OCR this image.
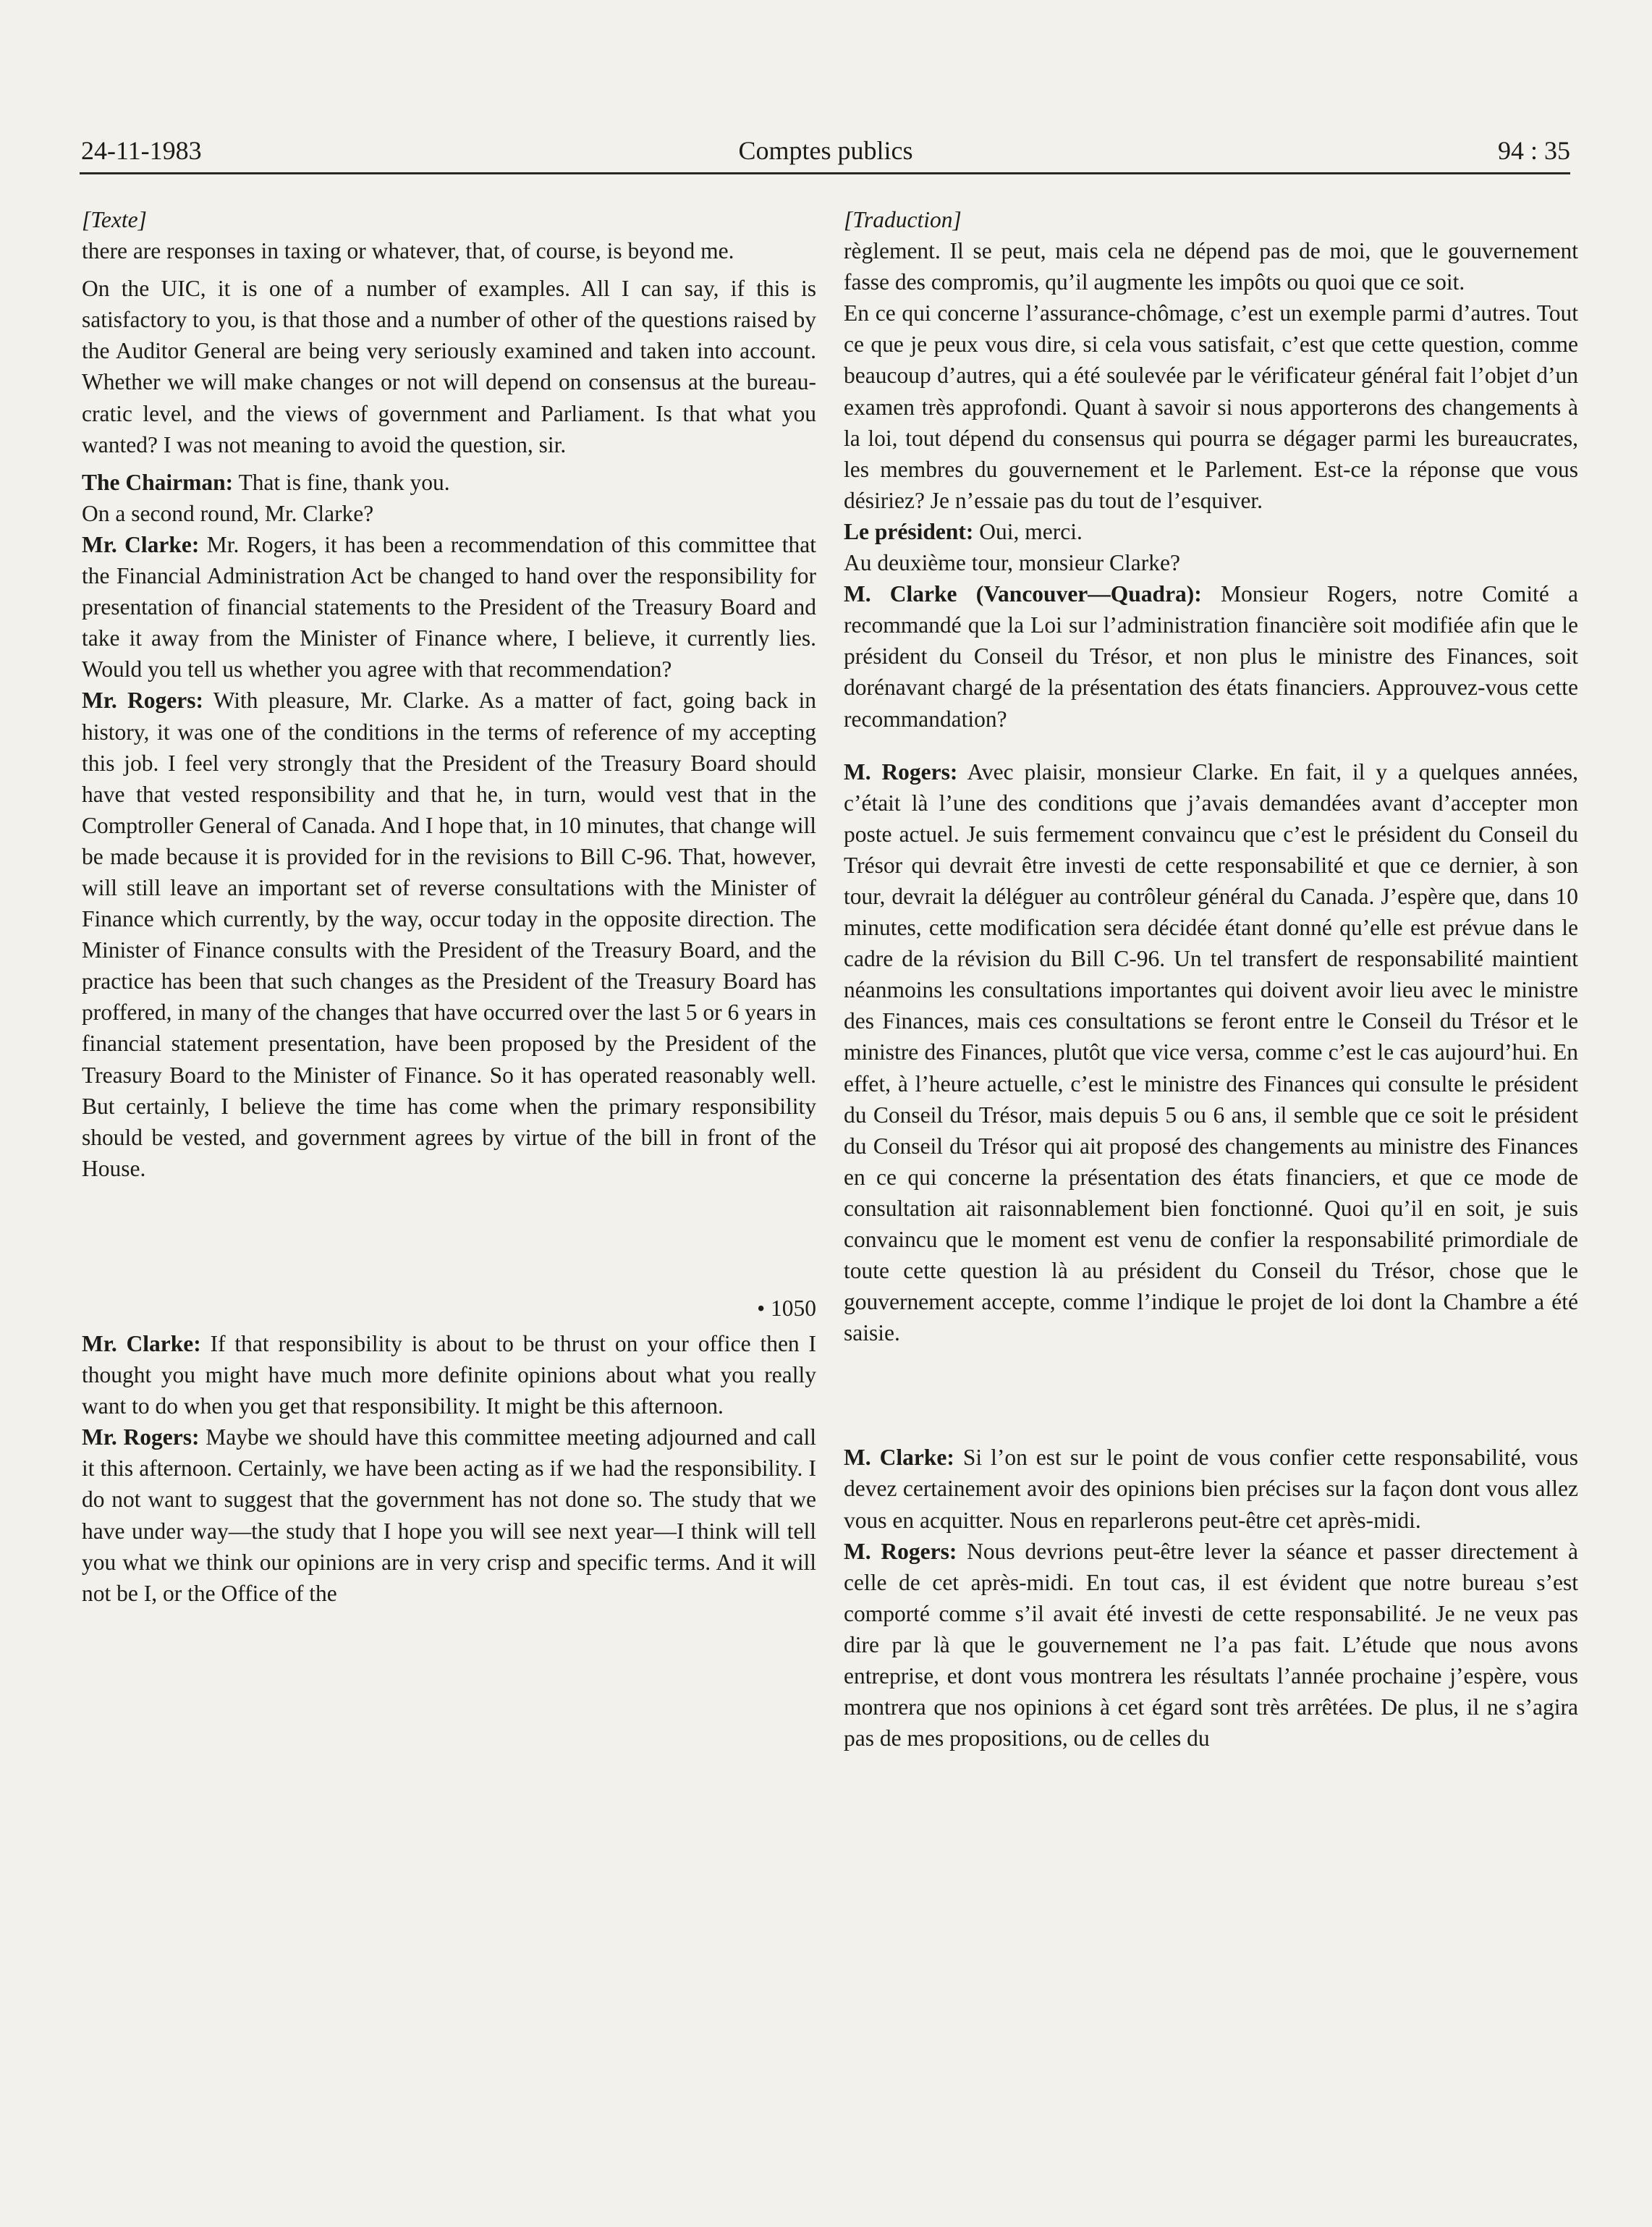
24-11-1983	Comptes publics	94 : 35

[Texte]

there are responses in taxing or whatever, that, of course, is beyond me.

On the UIC, it is one of a number of examples. All I can say, if this is satisfactory to you, is that those and a number of other of the questions raised by the Auditor General are being very seriously examined and taken into account. Whether we will make changes or not will depend on consensus at the bureaucratic level, and the views of government and Parliament. Is that what you wanted? I was not meaning to avoid the question, sir.

The Chairman: That is fine, thank you.

On a second round, Mr. Clarke?

Mr. Clarke: Mr. Rogers, it has been a recommendation of this committee that the Financial Administration Act be changed to hand over the responsibility for presentation of financial statements to the President of the Treasury Board and take it away from the Minister of Finance where, I believe, it currently lies. Would you tell us whether you agree with that recommendation?

Mr. Rogers: With pleasure, Mr. Clarke. As a matter of fact, going back in history, it was one of the conditions in the terms of reference of my accepting this job. I feel very strongly that the President of the Treasury Board should have that vested responsibility and that he, in turn, would vest that in the Comptroller General of Canada. And I hope that, in 10 minutes, that change will be made because it is provided for in the revisions to Bill C-96. That, however, will still leave an important set of reverse consultations with the Minister of Finance which currently, by the way, occur today in the opposite direction. The Minister of Finance consults with the President of the Treasury Board, and the practice has been that such changes as the President of the Treasury Board has proffered, in many of the changes that have occurred over the last 5 or 6 years in financial statement presentation, have been proposed by the President of the Treasury Board to the Minister of Finance. So it has operated reasonably well. But certainly, I believe the time has come when the primary responsibility should be vested, and government agrees by virtue of the bill in front of the House.

• 1050

Mr. Clarke: If that responsibility is about to be thrust on your office then I thought you might have much more definite opinions about what you really want to do when you get that responsibility. It might be this afternoon.

Mr. Rogers: Maybe we should have this committee meeting adjourned and call it this afternoon. Certainly, we have been acting as if we had the responsibility. I do not want to suggest that the government has not done so. The study that we have under way—the study that I hope you will see next year—I think will tell you what we think our opinions are in very crisp and specific terms. And it will not be I, or the Office of the

[Traduction]

règlement. Il se peut, mais cela ne dépend pas de moi, que le gouvernement fasse des compromis, qu’il augmente les impôts ou quoi que ce soit.

En ce qui concerne l’assurance-chômage, c’est un exemple parmi d’autres. Tout ce que je peux vous dire, si cela vous satisfait, c’est que cette question, comme beaucoup d’autres, qui a été soulevée par le vérificateur général fait l’objet d’un examen très approfondi. Quant à savoir si nous apporterons des changements à la loi, tout dépend du consensus qui pourra se dégager parmi les bureaucrates, les membres du gouvernement et le Parlement. Est-ce la réponse que vous désiriez? Je n’essaie pas du tout de l’esquiver.

Le président: Oui, merci.

Au deuxième tour, monsieur Clarke?

M. Clarke (Vancouver—Quadra): Monsieur Rogers, notre Comité a recommandé que la Loi sur l’administration financière soit modifiée afin que le président du Conseil du Trésor, et non plus le ministre des Finances, soit dorénavant chargé de la présentation des états financiers. Approuvez-vous cette recommandation?

M. Rogers: Avec plaisir, monsieur Clarke. En fait, il y a quelques années, c’était là l’une des conditions que j’avais demandées avant d’accepter mon poste actuel. Je suis fermement convaincu que c’est le président du Conseil du Trésor qui devrait être investi de cette responsabilité et que ce dernier, à son tour, devrait la déléguer au contrôleur général du Canada. J’espère que, dans 10 minutes, cette modification sera décidée étant donné qu’elle est prévue dans le cadre de la révision du Bill C-96. Un tel transfert de responsabilité maintient néanmoins les consultations importantes qui doivent avoir lieu avec le ministre des Finances, mais ces consultations se feront entre le Conseil du Trésor et le ministre des Finances, plutôt que vice versa, comme c’est le cas aujourd’hui. En effet, à l’heure actuelle, c’est le ministre des Finances qui consulte le président du Conseil du Trésor, mais depuis 5 ou 6 ans, il semble que ce soit le président du Conseil du Trésor qui ait proposé des changements au ministre des Finances en ce qui concerne la présentation des états financiers, et que ce mode de consultation ait raisonnablement bien fonctionné. Quoi qu’il en soit, je suis convaincu que le moment est venu de confier la responsabilité primordiale de toute cette question là au président du Conseil du Trésor, chose que le gouvernement accepte, comme l’indique le projet de loi dont la Chambre a été saisie.

M. Clarke: Si l’on est sur le point de vous confier cette responsabilité, vous devez certainement avoir des opinions bien précises sur la façon dont vous allez vous en acquitter. Nous en reparlerons peut-être cet après-midi.

M. Rogers: Nous devrions peut-être lever la séance et passer directement à celle de cet après-midi. En tout cas, il est évident que notre bureau s’est comporté comme s’il avait été investi de cette responsabilité. Je ne veux pas dire par là que le gouvernement ne l’a pas fait. L’étude que nous avons entreprise, et dont vous montrera les résultats l’année prochaine j’espère, vous montrera que nos opinions à cet égard sont très arrêtées. De plus, il ne s’agira pas de mes propositions, ou de celles du
